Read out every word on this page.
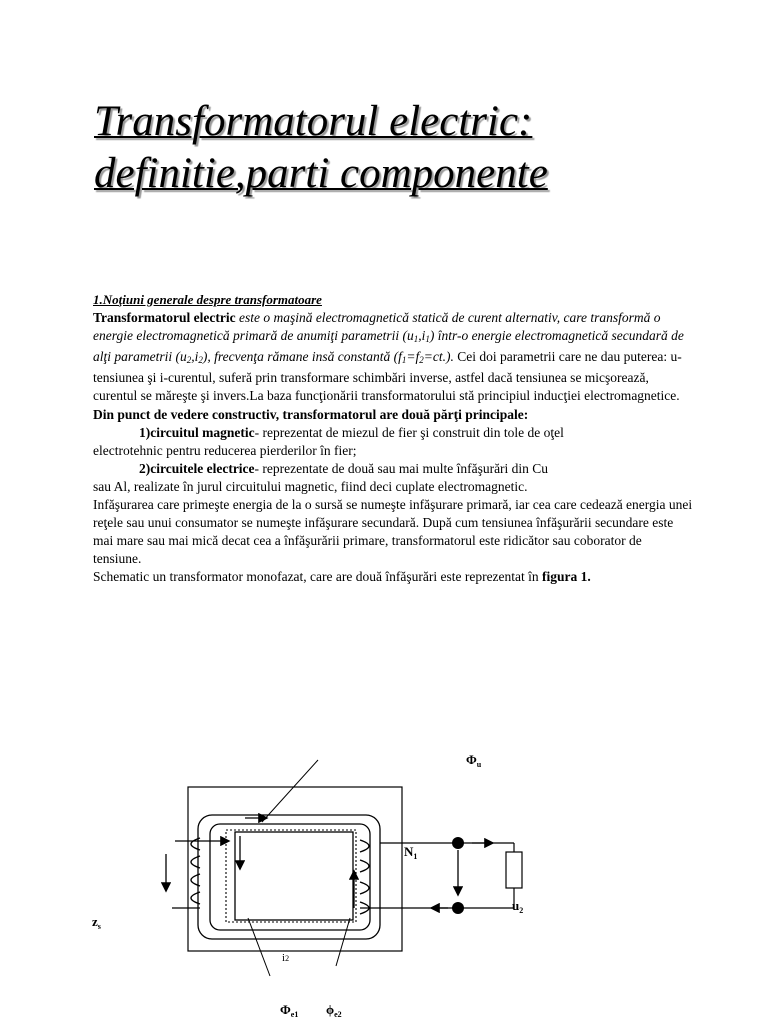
Transformatorul electric:
definitie,parti componente

1.Noţiuni generale despre transformatoare

Transformatorul electric este o maşină electromagnetică statică de curent alternativ, care transformă o energie electromagnetică primară de anumiţi parametrii $(u_1,i_1)$ într-o energie electromagnetică secundară de alţi parametrii $(u_2,i_2)$, frecvenţa rămane insă constantă $(f_1=f_2=ct.)$. Cei doi parametrii care ne dau puterea: u-tensiunea şi i-curentul, suferă prin transformare schimbări inverse, astfel dacă tensiunea se micşorează, curentul se măreşte şi invers.La baza funcţionării transformatorului stă principiul inducţiei electromagnetice.

Din punct de vedere constructiv, transformatorul are două părţi principale:

1)circuitul magnetic- reprezentat de miezul de fier şi construit din tole de oţel

electrotehnic pentru reducerea pierderilor în fier;

2)circuitele electrice- reprezentate de două sau mai multe înfăşurări din Cu

sau Al, realizate în jurul circuitului magnetic, fiind deci cuplate electromagnetic.

Infăşurarea care primeşte energia de la o sursă se numeşte infăşurare primară, iar cea care cedează energia unei reţele sau unui consumator se numeşte infăşurare secundară. După cum tensiunea înfăşurării secundare este mai mare sau mai mică decat cea a înfăşurării primare, transformatorul este ridicător sau coborator de tensiune.

Schematic un transformator monofazat, care are două înfăşurări este reprezentat în figura 1.

$\Phi_u$
$N_1$
$u_2$
$z_s$
i2
$\Phi_{e1}$ $\phi_{e2}$
